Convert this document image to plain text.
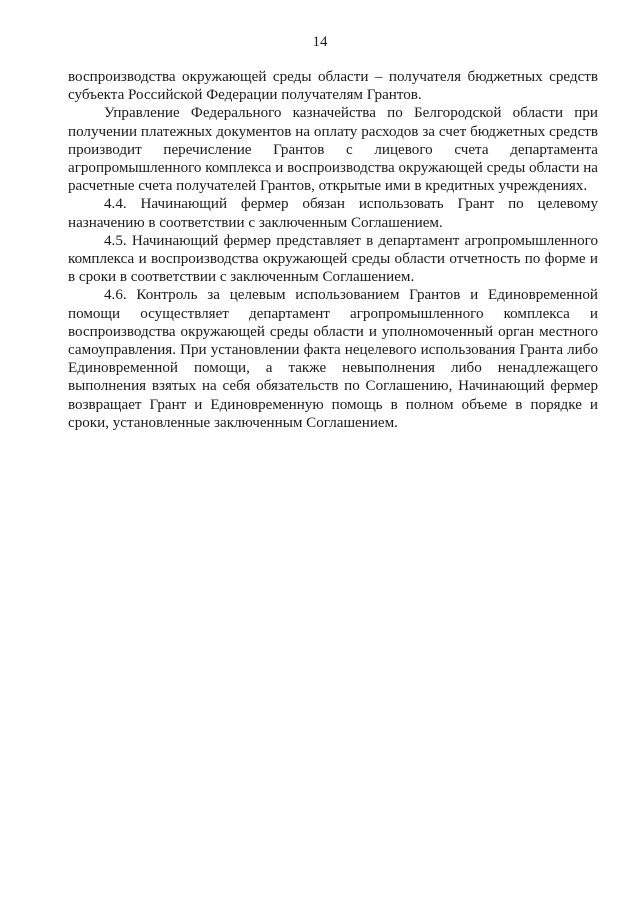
14

воспроизводства окружающей среды области – получателя бюджетных средств субъекта Российской Федерации получателям Грантов.

Управление Федерального казначейства по Белгородской области при получении платежных документов на оплату расходов за счет бюджетных средств производит перечисление Грантов с лицевого счета департамента агропромышленного комплекса и воспроизводства окружающей среды области на расчетные счета получателей Грантов, открытые ими в кредитных учреждениях.

4.4. Начинающий фермер обязан использовать Грант по целевому назначению в соответствии с заключенным Соглашением.

4.5. Начинающий фермер представляет в департамент агропромышленного комплекса и воспроизводства окружающей среды области отчетность по форме и в сроки в соответствии с заключенным Соглашением.

4.6. Контроль за целевым использованием Грантов и Единовременной помощи осуществляет департамент агропромышленного комплекса и воспроизводства окружающей среды области и уполномоченный орган местного самоуправления. При установлении факта нецелевого использования Гранта либо Единовременной помощи, а также невыполнения либо ненадлежащего выполнения взятых на себя обязательств по Соглашению, Начинающий фермер возвращает Грант и Единовременную помощь в полном объеме в порядке и сроки, установленные заключенным Соглашением.
